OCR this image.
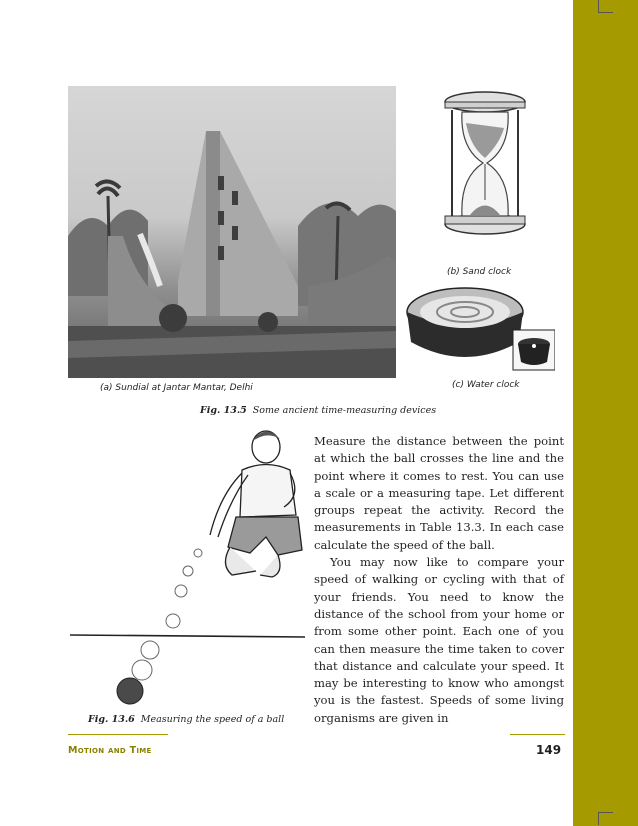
(b) Sand clock
(a) Sundial at Jantar Mantar, Delhi	(c) Water clock
Fig. 13.5 Some ancient time-measuring devices
Fig. 13.6 Measuring the speed of a ball

Measure the distance between the point at which the ball crosses the line and the point where it comes to rest. You can use a scale or a measuring tape. Let different groups repeat the activity. Record the measurements in Table 13.3. In each case calculate the speed of the ball.

You may now like to compare your speed of walking or cycling with that of your friends. You need to know the distance of the school from your home or from some other point. Each one of you can then measure the time taken to cover that distance and calculate your speed. It may be interesting to know who amongst you is the fastest. Speeds of some living organisms are given in

Motion and Time	149
